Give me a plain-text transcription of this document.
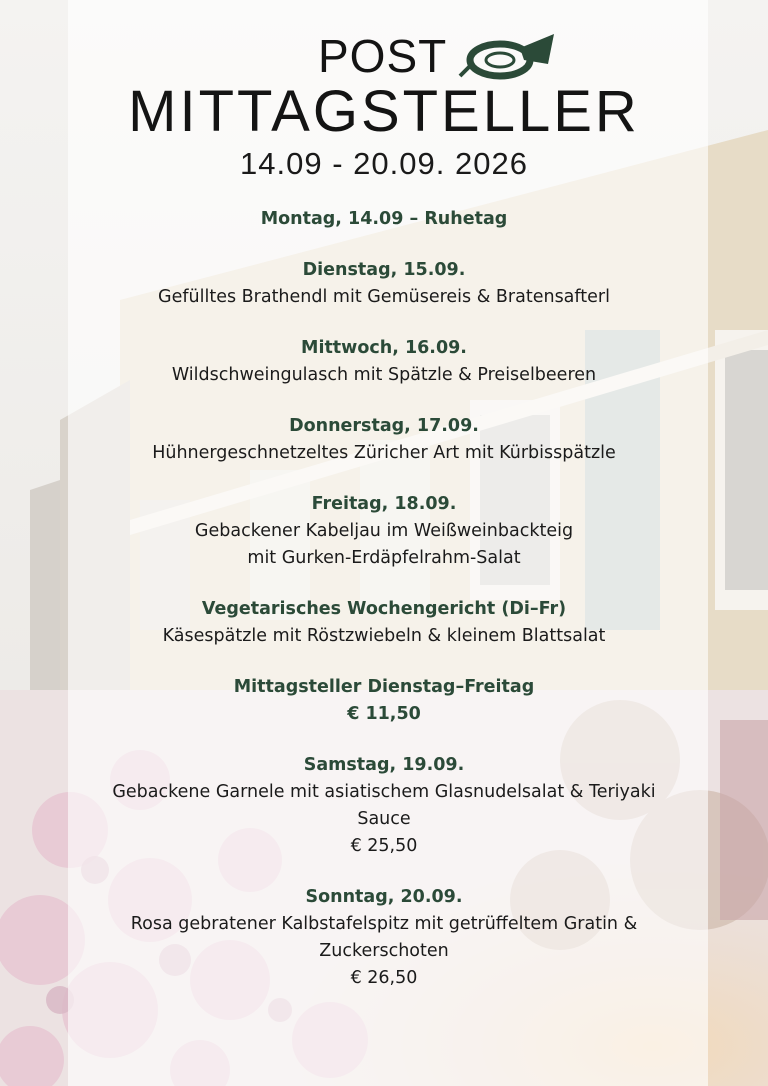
POST
MITTAGSTELLER
14.09 - 20.09. 2026
Montag, 14.09 – Ruhetag
Dienstag, 15.09.
Gefülltes Brathendl mit Gemüsereis & Bratensafterl
Mittwoch, 16.09.
Wildschweingulasch mit Spätzle & Preiselbeeren
Donnerstag, 17.09.
Hühnergeschnetzeltes Züricher Art mit Kürbisspätzle
Freitag, 18.09.
Gebackener Kabeljau im Weißweinbackteig
mit Gurken-Erdäpfelrahm-Salat
Vegetarisches Wochengericht (Di–Fr)
Käsespätzle mit Röstzwiebeln & kleinem Blattsalat
Mittagsteller Dienstag–Freitag
€ 11,50
Samstag, 19.09.
Gebackene Garnele mit asiatischem Glasnudelsalat & Teriyaki
Sauce
€ 25,50
Sonntag, 20.09.
Rosa gebratener Kalbstafelspitz mit getrüffeltem Gratin &
Zuckerschoten
€ 26,50
